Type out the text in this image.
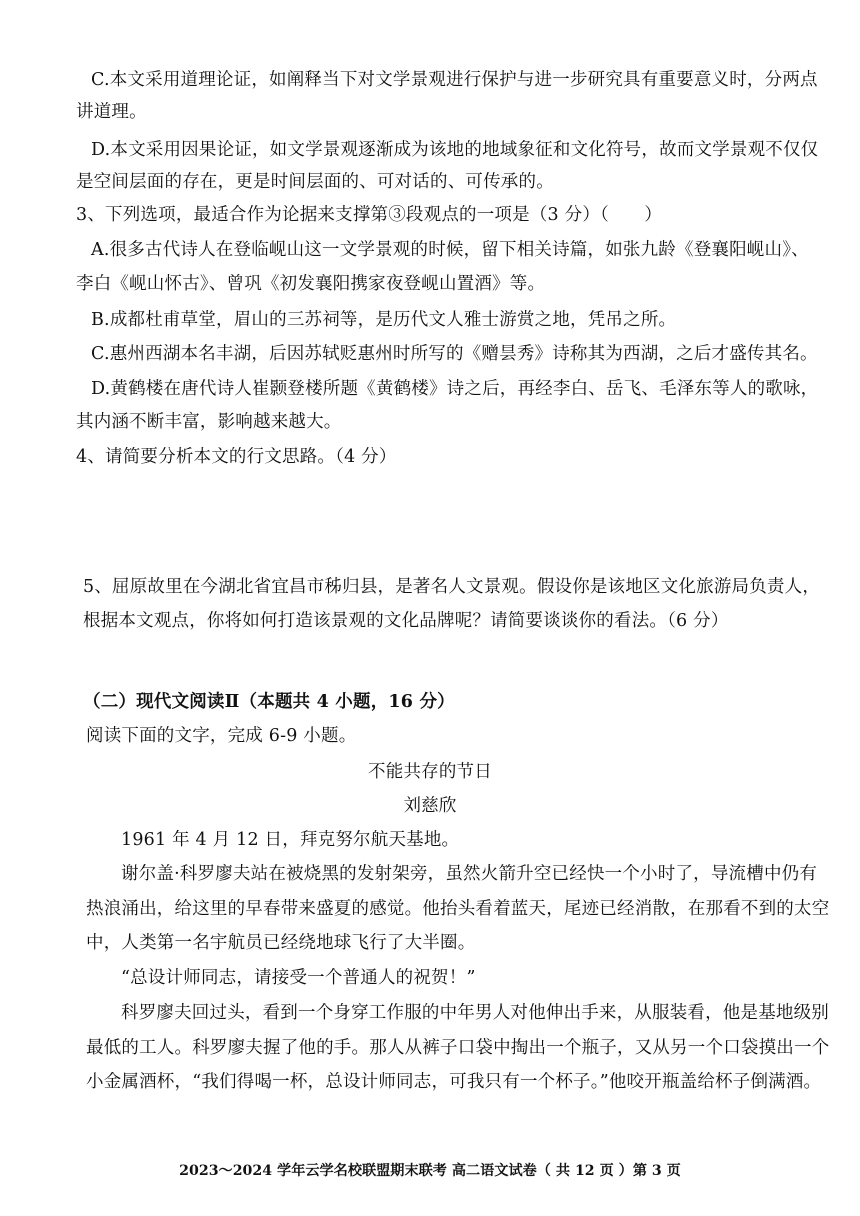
C.本文采用道理论证，如阐释当下对文学景观进行保护与进一步研究具有重要意义时，分两点
讲道理。
D.本文采用因果论证，如文学景观逐渐成为该地的地域象征和文化符号，故而文学景观不仅仅
是空间层面的存在，更是时间层面的、可对话的、可传承的。
3、下列选项，最适合作为论据来支撑第③段观点的一项是（3 分）（　　）
A.很多古代诗人在登临岘山这一文学景观的时候，留下相关诗篇，如张九龄《登襄阳岘山》、
李白《岘山怀古》、曾巩《初发襄阳携家夜登岘山置酒》等。
B.成都杜甫草堂，眉山的三苏祠等，是历代文人雅士游赏之地，凭吊之所。
C.惠州西湖本名丰湖，后因苏轼贬惠州时所写的《赠昙秀》诗称其为西湖，之后才盛传其名。
D.黄鹤楼在唐代诗人崔颢登楼所题《黄鹤楼》诗之后，再经李白、岳飞、毛泽东等人的歌咏，
其内涵不断丰富，影响越来越大。
4、请简要分析本文的行文思路。（4 分）
5、屈原故里在今湖北省宜昌市秭归县，是著名人文景观。假设你是该地区文化旅游局负责人，
根据本文观点，你将如何打造该景观的文化品牌呢？请简要谈谈你的看法。（6 分）
（二）现代文阅读Ⅱ（本题共 4 小题，16 分）
阅读下面的文字，完成 6-9 小题。
不能共存的节日
刘慈欣
1961 年 4 月 12 日，拜克努尔航天基地。
谢尔盖·科罗廖夫站在被烧黑的发射架旁，虽然火箭升空已经快一个小时了，导流槽中仍有
热浪涌出，给这里的早春带来盛夏的感觉。他抬头看着蓝天，尾迹已经消散，在那看不到的太空
中，人类第一名宇航员已经绕地球飞行了大半圈。
“总设计师同志，请接受一个普通人的祝贺！”
科罗廖夫回过头，看到一个身穿工作服的中年男人对他伸出手来，从服装看，他是基地级别
最低的工人。科罗廖夫握了他的手。那人从裤子口袋中掏出一个瓶子，又从另一个口袋摸出一个
小金属酒杯，“我们得喝一杯，总设计师同志，可我只有一个杯子。”他咬开瓶盖给杯子倒满酒。
2023～2024 学年云学名校联盟期末联考 高二语文试卷（ 共 12 页 ）第 3 页
